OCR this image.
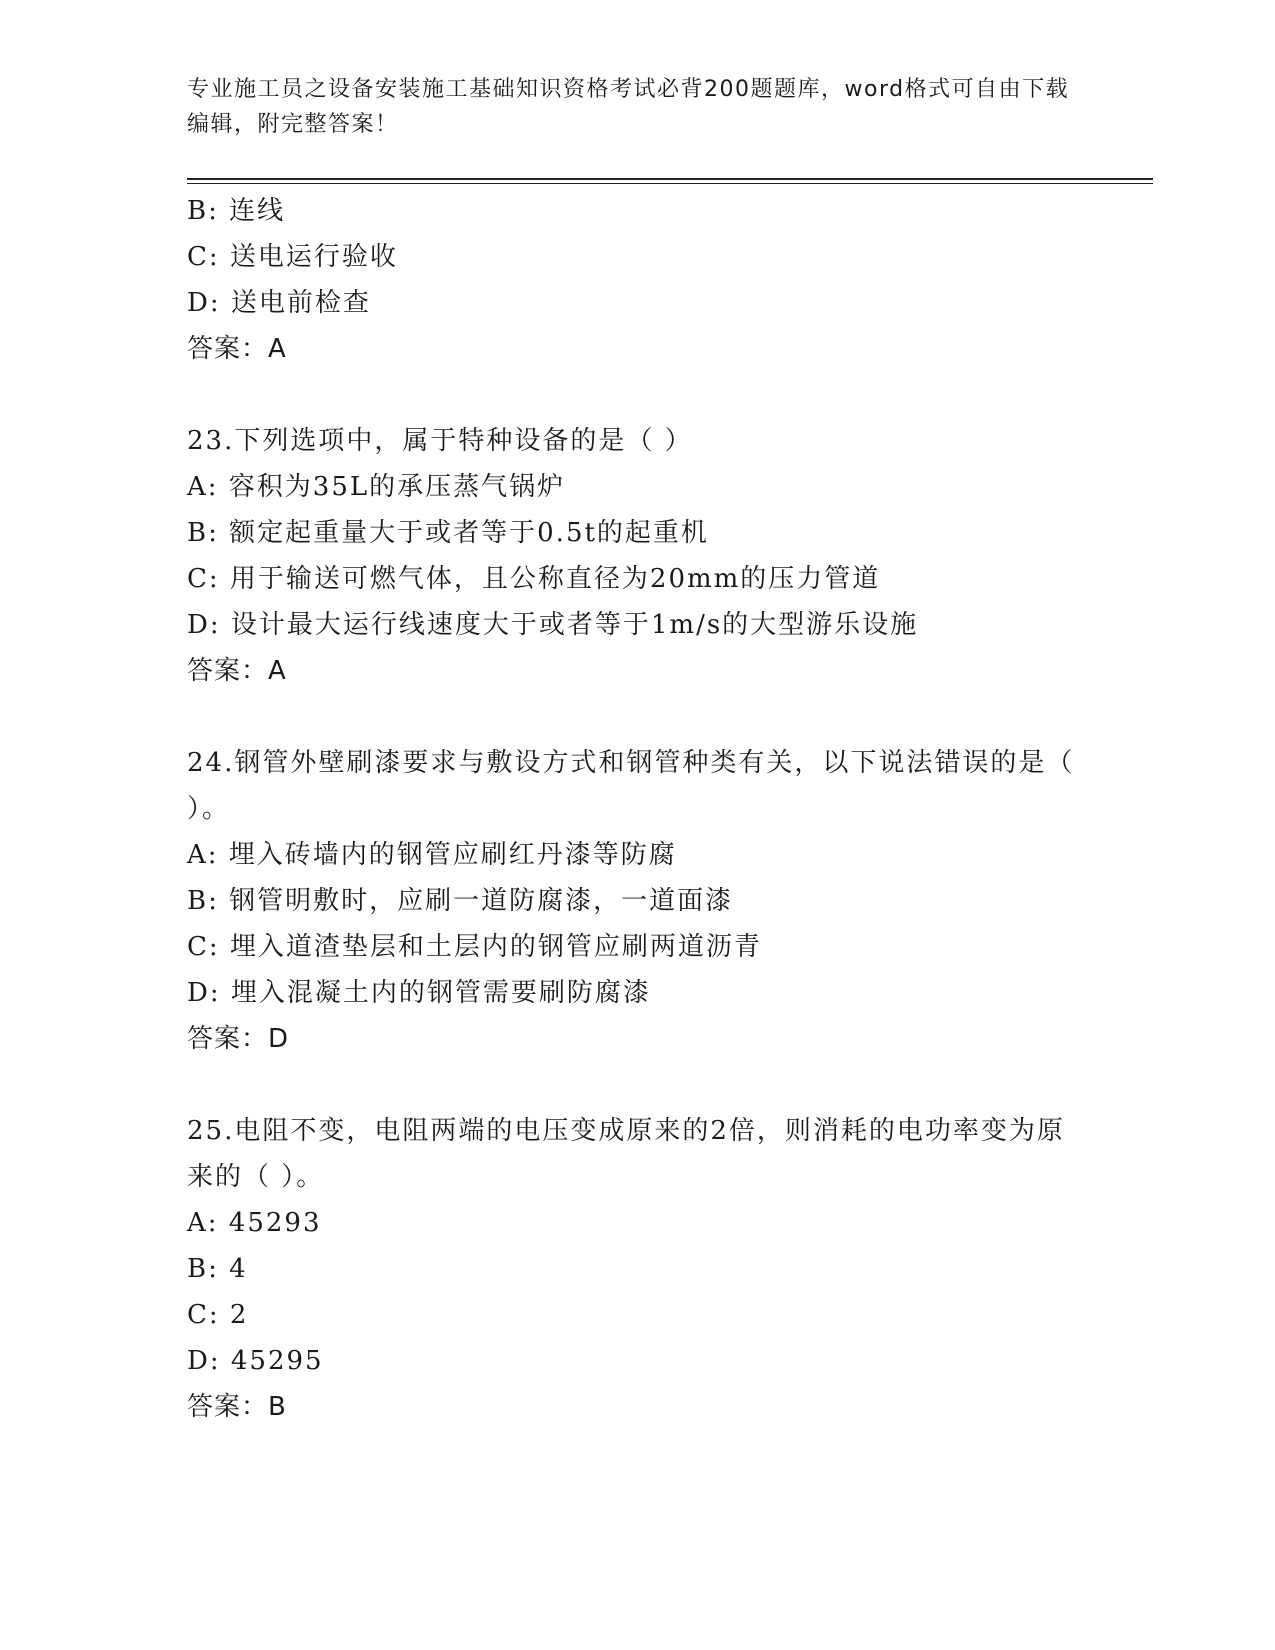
专业施工员之设备安装施工基础知识资格考试必背200题题库，word格式可自由下载编辑，附完整答案！
B: 连线
C: 送电运行验收
D: 送电前检查
答案：A
23.下列选项中，属于特种设备的是（ ）
A: 容积为35L的承压蒸气锅炉
B: 额定起重量大于或者等于0.5t的起重机
C: 用于输送可燃气体，且公称直径为20mm的压力管道
D: 设计最大运行线速度大于或者等于1m/s的大型游乐设施
答案：A
24.钢管外壁刷漆要求与敷设方式和钢管种类有关，以下说法错误的是（ ）。
A: 埋入砖墙内的钢管应刷红丹漆等防腐
B: 钢管明敷时，应刷一道防腐漆，一道面漆
C: 埋入道渣垫层和土层内的钢管应刷两道沥青
D: 埋入混凝土内的钢管需要刷防腐漆
答案：D
25.电阻不变，电阻两端的电压变成原来的2倍，则消耗的电功率变为原来的（ ）。
A: 45293
B: 4
C: 2
D: 45295
答案：B
